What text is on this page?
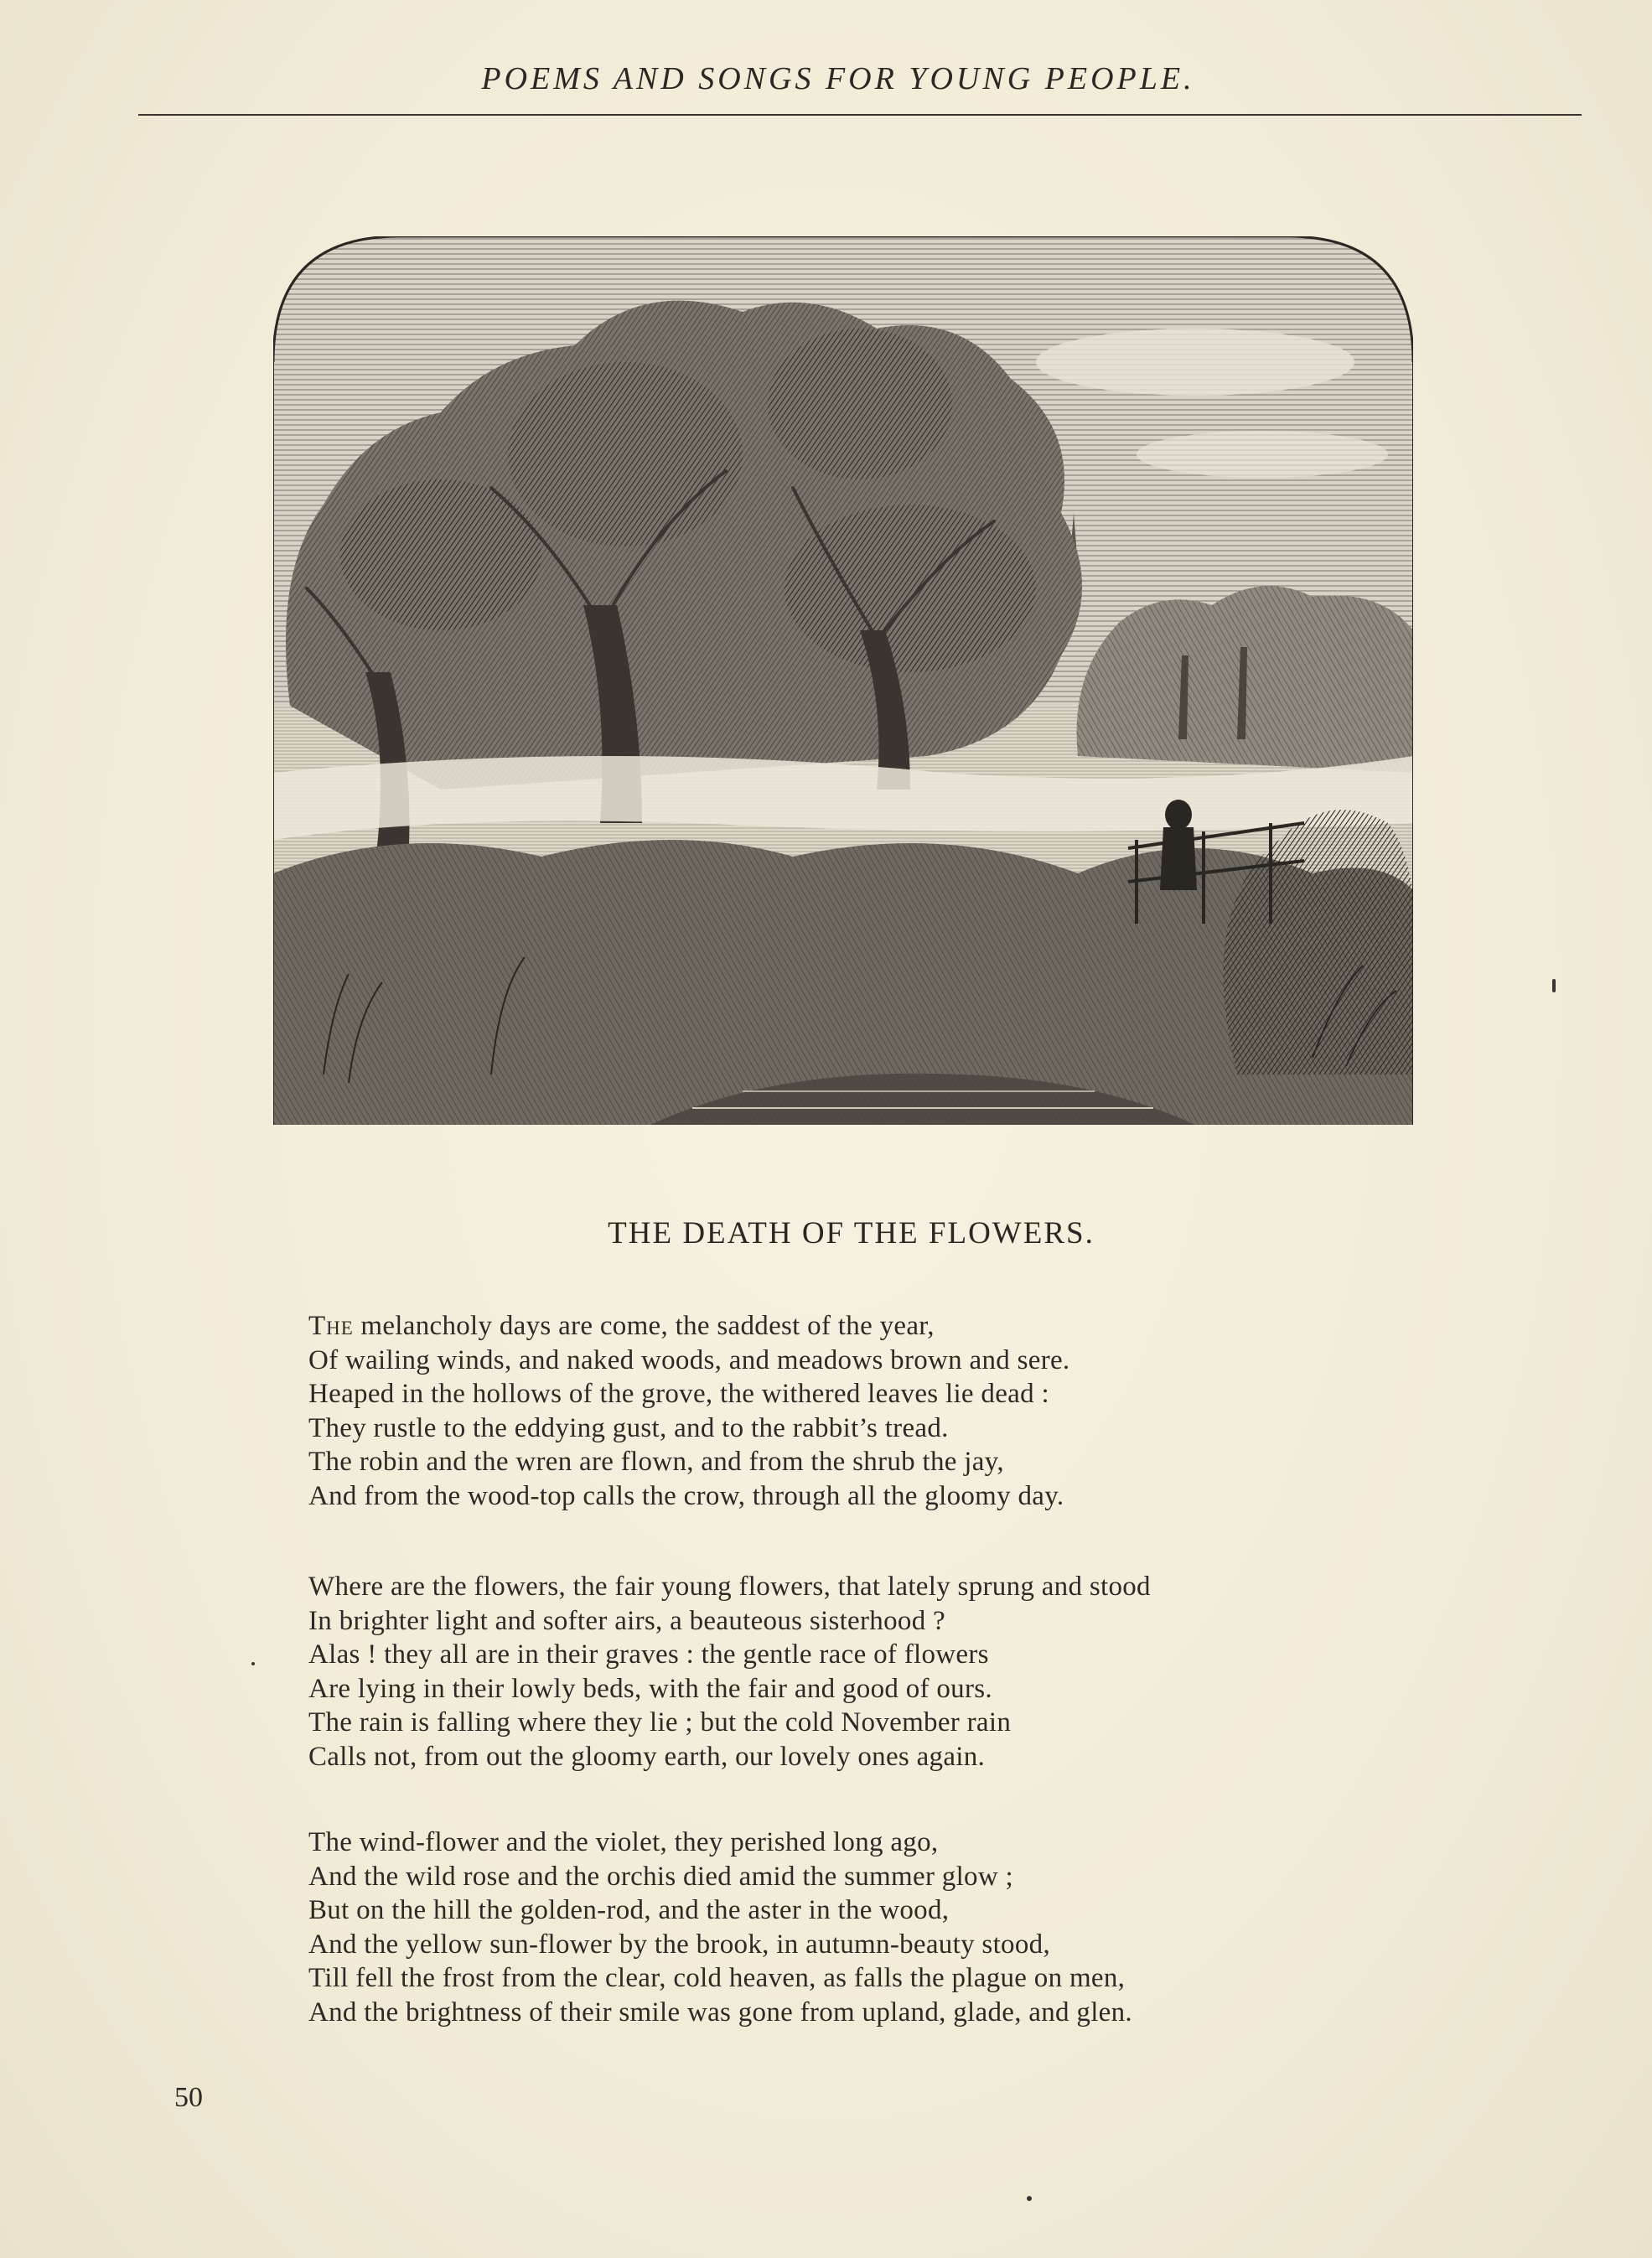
POEMS AND SONGS FOR YOUNG PEOPLE.
THE DEATH OF THE FLOWERS.
The melancholy days are come, the saddest of the year,
Of wailing winds, and naked woods, and meadows brown and sere.
Heaped in the hollows of the grove, the withered leaves lie dead :
They rustle to the eddying gust, and to the rabbit’s tread.
The robin and the wren are flown, and from the shrub the jay,
And from the wood-top calls the crow, through all the gloomy day.
Where are the flowers, the fair young flowers, that lately sprung and stood
In brighter light and softer airs, a beauteous sisterhood ?
Alas ! they all are in their graves : the gentle race of flowers
Are lying in their lowly beds, with the fair and good of ours.
The rain is falling where they lie ; but the cold November rain
Calls not, from out the gloomy earth, our lovely ones again.
The wind-flower and the violet, they perished long ago,
And the wild rose and the orchis died amid the summer glow ;
But on the hill the golden-rod, and the aster in the wood,
And the yellow sun-flower by the brook, in autumn-beauty stood,
Till fell the frost from the clear, cold heaven, as falls the plague on men,
And the brightness of their smile was gone from upland, glade, and glen.
50
